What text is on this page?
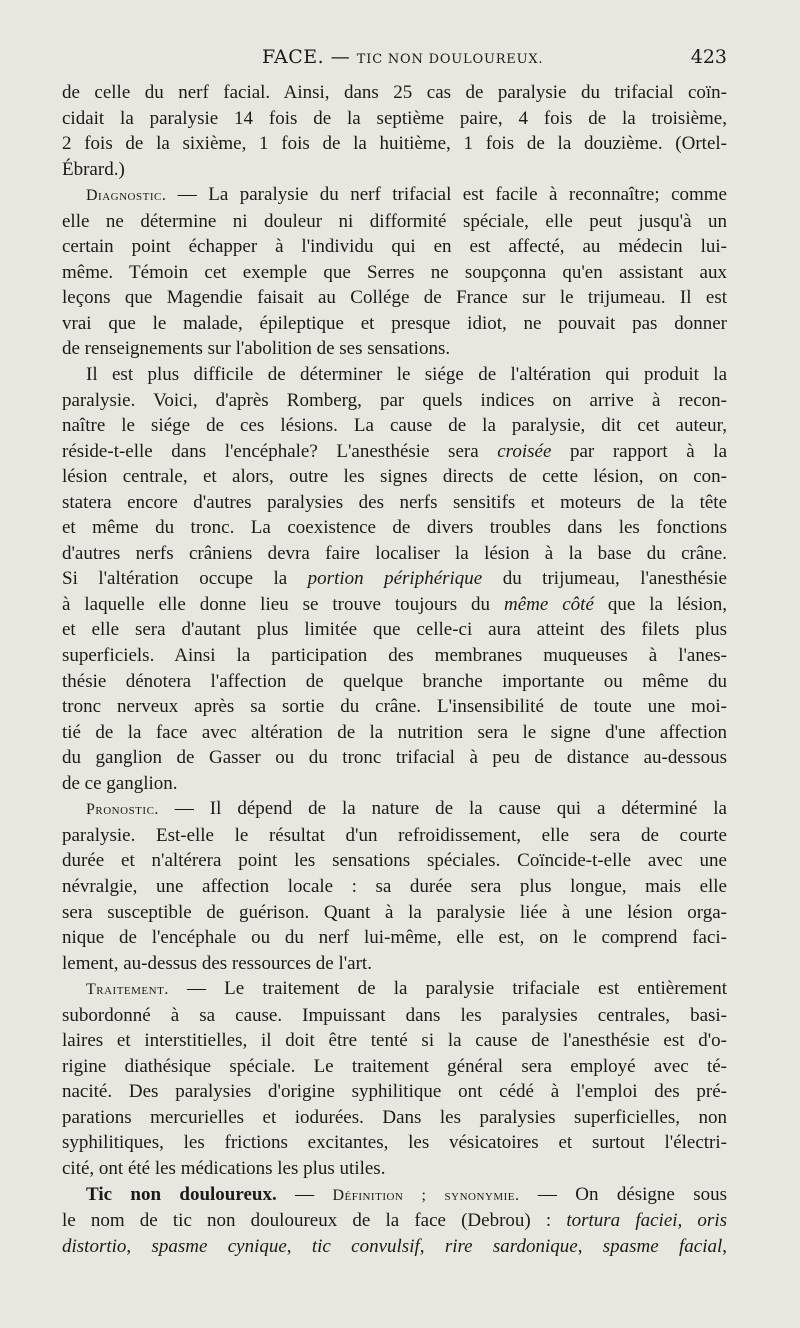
FACE. — TIC NON DOULOUREUX.	423
de celle du nerf facial. Ainsi, dans 25 cas de paralysie du trifacial coïn-
cidait la paralysie 14 fois de la septième paire, 4 fois de la troisième,
2 fois de la sixième, 1 fois de la huitième, 1 fois de la douzième. (Ortel-
Ébrard.)
Diagnostic. — La paralysie du nerf trifacial est facile à reconnaître; comme
elle ne détermine ni douleur ni difformité spéciale, elle peut jusqu'à un
certain point échapper à l'individu qui en est affecté, au médecin lui-
même. Témoin cet exemple que Serres ne soupçonna qu'en assistant aux
leçons que Magendie faisait au Collége de France sur le trijumeau. Il est
vrai que le malade, épileptique et presque idiot, ne pouvait pas donner
de renseignements sur l'abolition de ses sensations.
Il est plus difficile de déterminer le siége de l'altération qui produit la
paralysie. Voici, d'après Romberg, par quels indices on arrive à recon-
naître le siége de ces lésions. La cause de la paralysie, dit cet auteur,
réside-t-elle dans l'encéphale? L'anesthésie sera croisée par rapport à la
lésion centrale, et alors, outre les signes directs de cette lésion, on con-
statera encore d'autres paralysies des nerfs sensitifs et moteurs de la tête
et même du tronc. La coexistence de divers troubles dans les fonctions
d'autres nerfs crâniens devra faire localiser la lésion à la base du crâne.
Si l'altération occupe la portion périphérique du trijumeau, l'anesthésie
à laquelle elle donne lieu se trouve toujours du même côté que la lésion,
et elle sera d'autant plus limitée que celle-ci aura atteint des filets plus
superficiels. Ainsi la participation des membranes muqueuses à l'anes-
thésie dénotera l'affection de quelque branche importante ou même du
tronc nerveux après sa sortie du crâne. L'insensibilité de toute une moi-
tié de la face avec altération de la nutrition sera le signe d'une affection
du ganglion de Gasser ou du tronc trifacial à peu de distance au-dessous
de ce ganglion.
Pronostic. — Il dépend de la nature de la cause qui a déterminé la
paralysie. Est-elle le résultat d'un refroidissement, elle sera de courte
durée et n'altérera point les sensations spéciales. Coïncide-t-elle avec une
névralgie, une affection locale : sa durée sera plus longue, mais elle
sera susceptible de guérison. Quant à la paralysie liée à une lésion orga-
nique de l'encéphale ou du nerf lui-même, elle est, on le comprend faci-
lement, au-dessus des ressources de l'art.
Traitement. — Le traitement de la paralysie trifaciale est entièrement
subordonné à sa cause. Impuissant dans les paralysies centrales, basi-
laires et interstitielles, il doit être tenté si la cause de l'anesthésie est d'o-
rigine diathésique spéciale. Le traitement général sera employé avec té-
nacité. Des paralysies d'origine syphilitique ont cédé à l'emploi des pré-
parations mercurielles et iodurées. Dans les paralysies superficielles, non
syphilitiques, les frictions excitantes, les vésicatoires et surtout l'électri-
cité, ont été les médications les plus utiles.
Tic non douloureux. — Définition ; synonymie. — On désigne sous
le nom de tic non douloureux de la face (Debrou) : tortura faciei, oris
distortio, spasme cynique, tic convulsif, rire sardonique, spasme facial,
